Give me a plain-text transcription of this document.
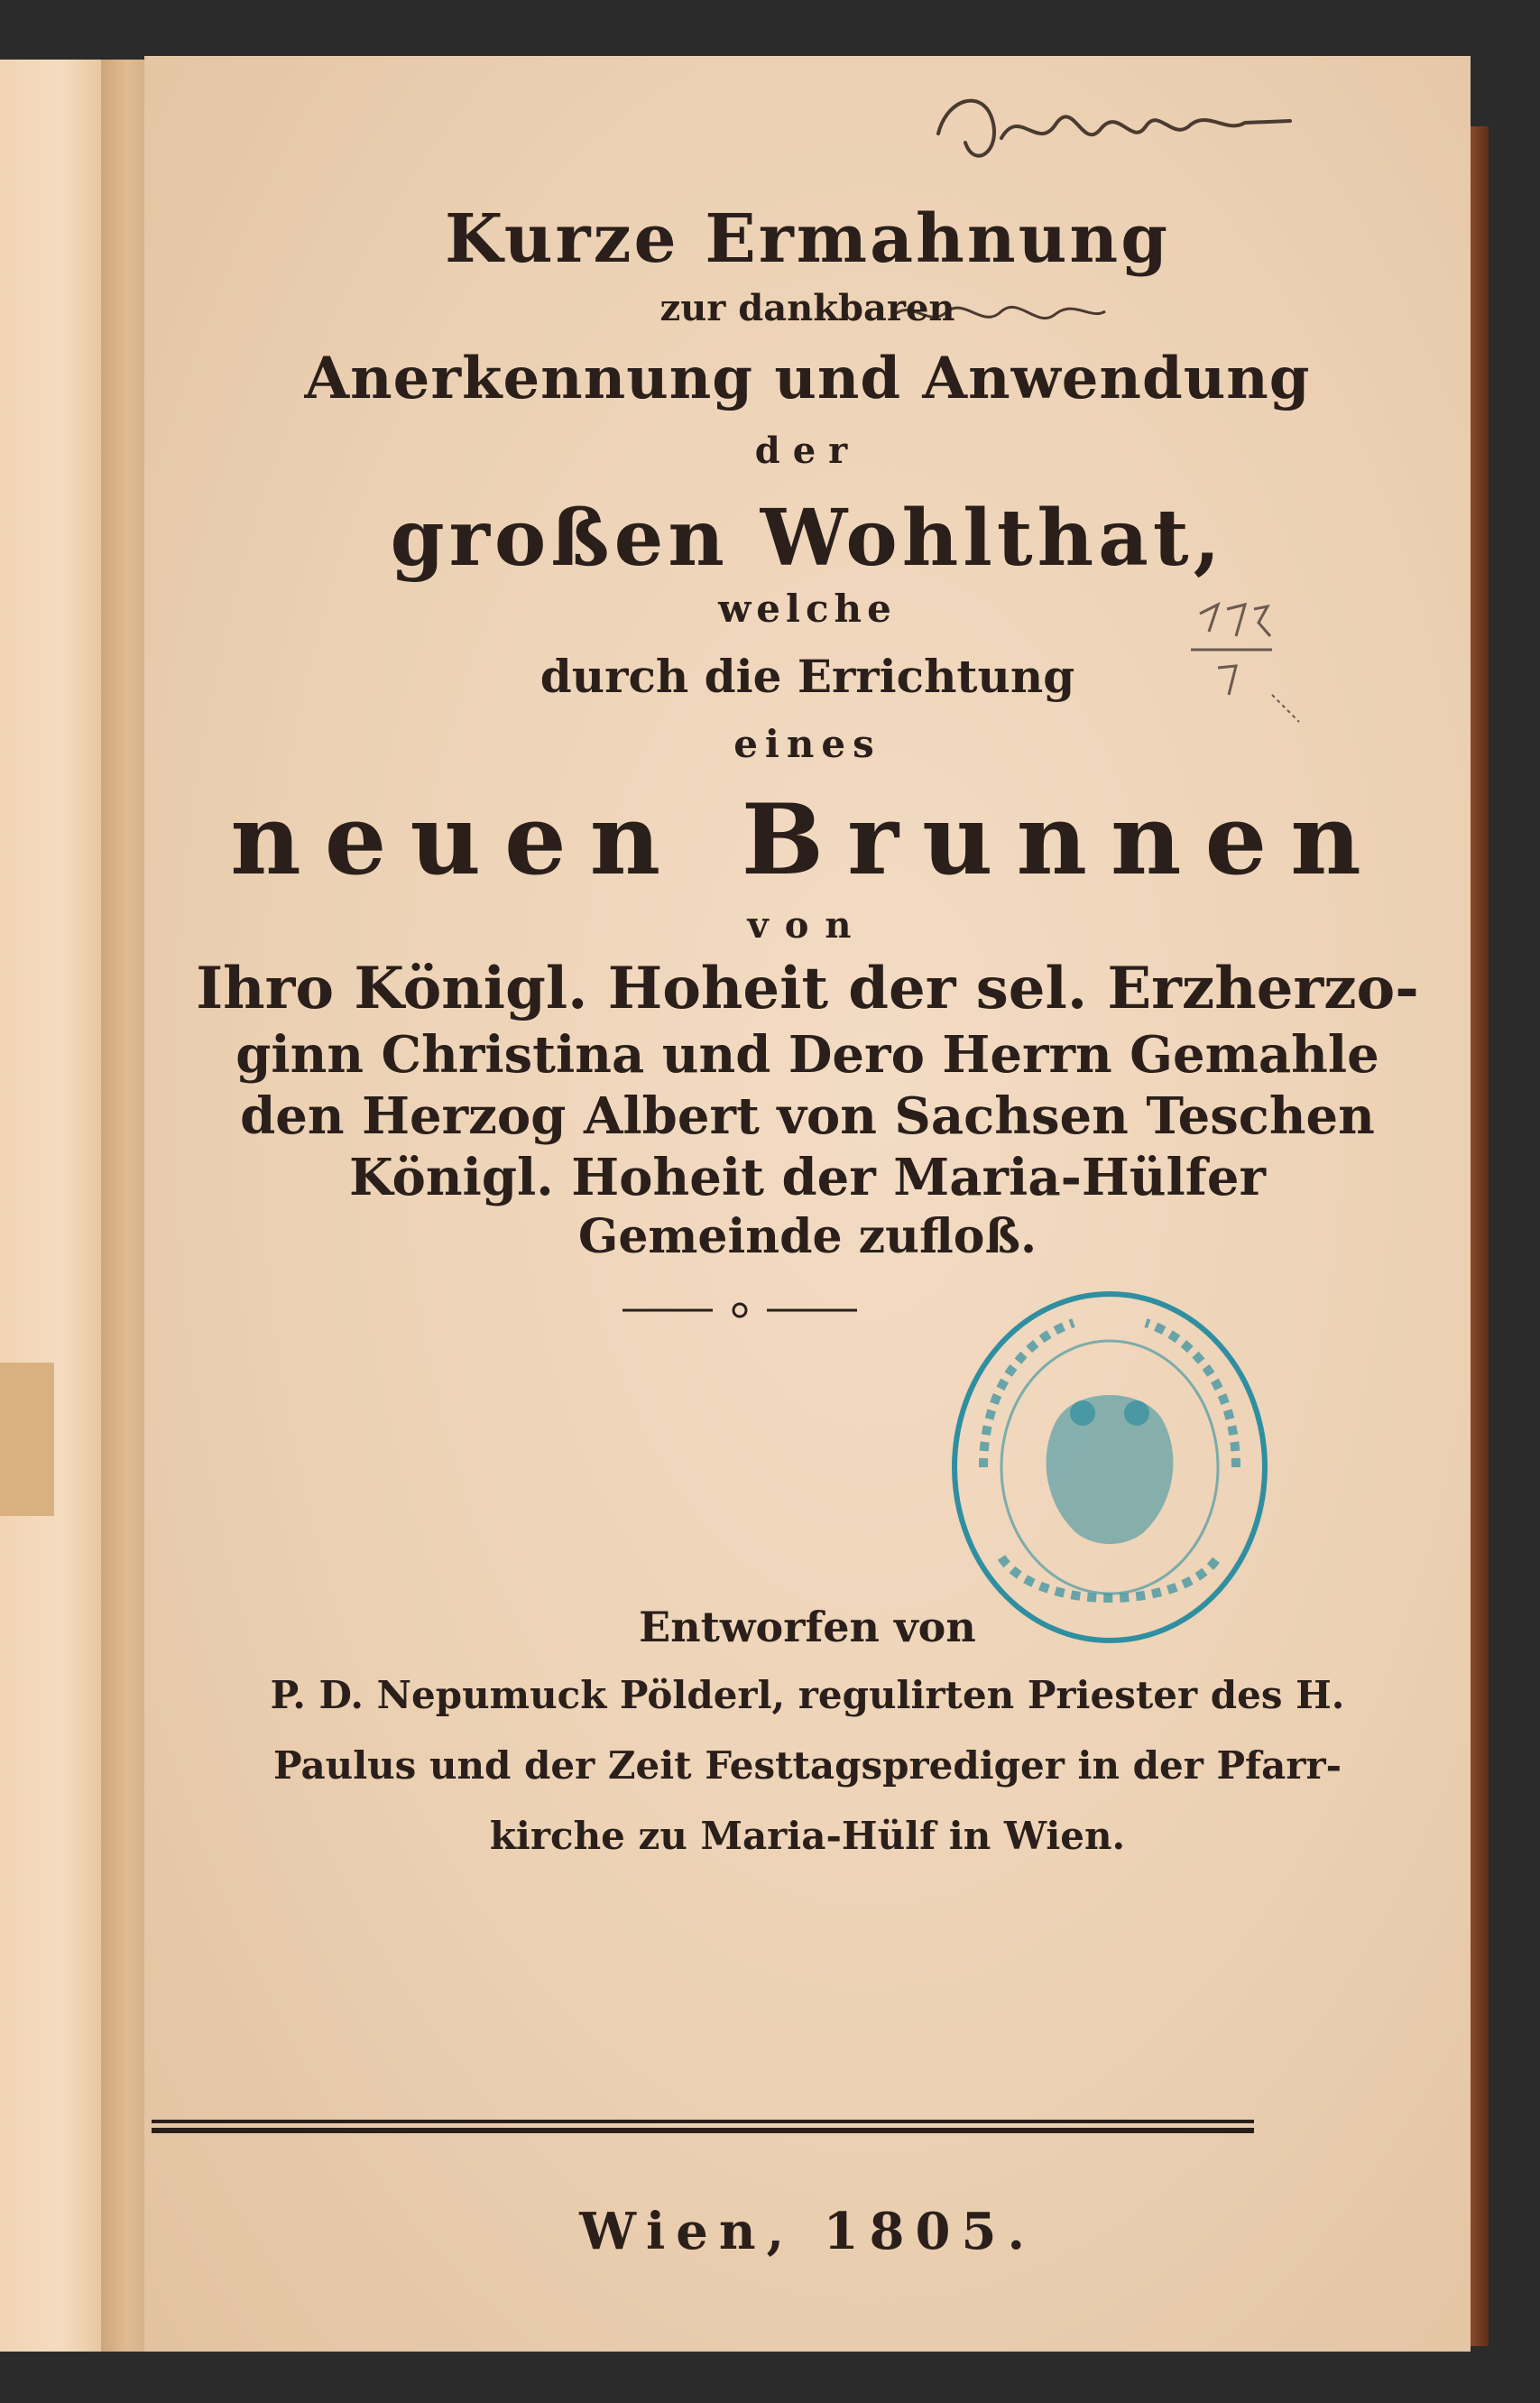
Kurze Ermahnung

zur dankbaren

Anerkennung und Anwendung

der

großen Wohlthat,

welche

durch die Errichtung

eines

neuen Brunnen

von

Ihro Königl. Hoheit der sel. Erzherzo-

ginn Christina und Dero Herrn Gemahle

den Herzog Albert von Sachsen Teschen

Königl. Hoheit der Maria-Hülfer

Gemeinde zufloß.

Entworfen von

P. D. Nepumuck Pölderl, regulirten Priester des H.

Paulus und der Zeit Festtagsprediger in der Pfarr-

kirche zu Maria-Hülf in Wien.

Wien, 1805.
